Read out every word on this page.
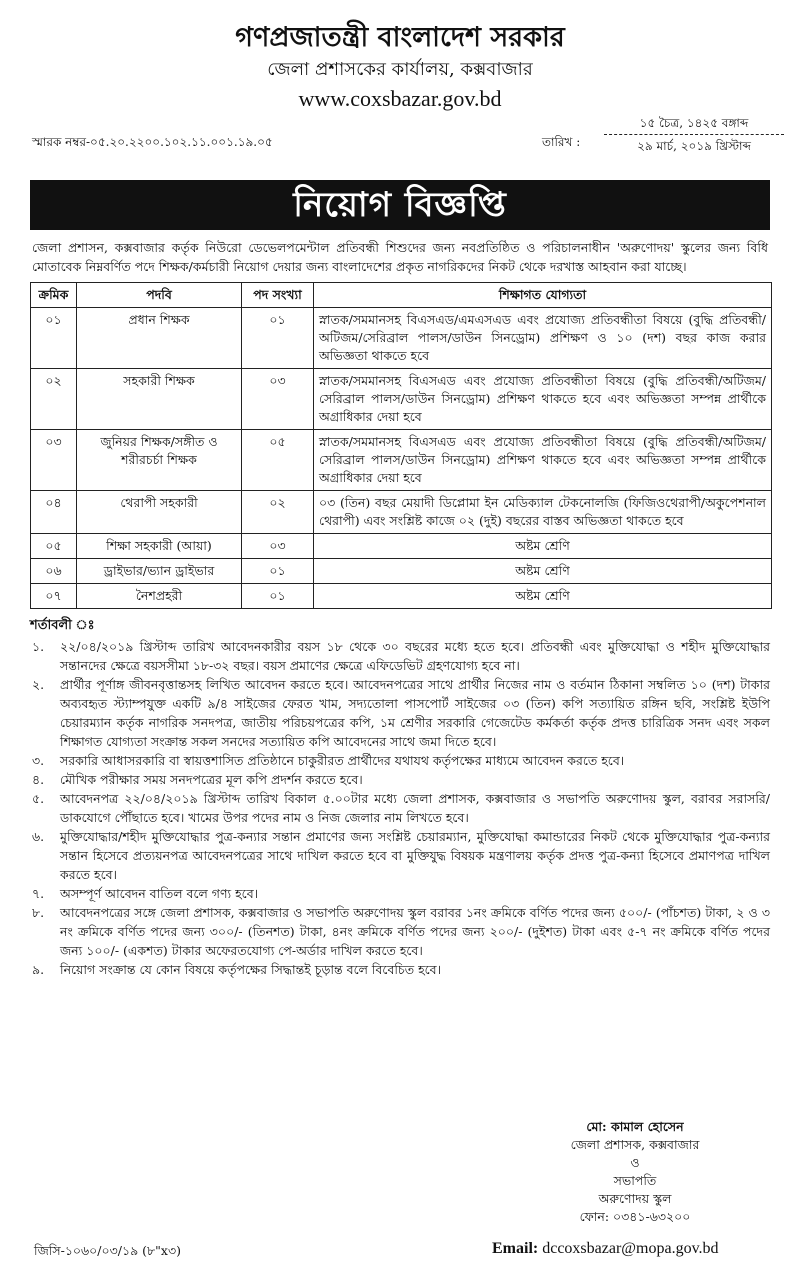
গণপ্রজাতন্ত্রী বাংলাদেশ সরকার
জেলা প্রশাসকের কার্যালয়, কক্সবাজার
www.coxsbazar.gov.bd
স্মারক নম্বর-০৫.২০.২২০০.১০২.১১.০০১.১৯.০৫	তারিখ :
১৫ চৈত্র, ১৪২৫ বঙ্গাব্দ
২৯ মার্চ, ২০১৯ খ্রিস্টাব্দ
নিয়োগ বিজ্ঞপ্তি

জেলা প্রশাসন, কক্সবাজার কর্তৃক নিউরো ডেভেলপমেন্টাল প্রতিবন্ধী শিশুদের জন্য নবপ্রতিষ্ঠিত ও পরিচালনাধীন 'অরুণোদয়' স্কুলের জন্য বিধি মোতাবেক নিম্নবর্ণিত পদে শিক্ষক/কর্মচারী নিয়োগ দেয়ার জন্য বাংলাদেশের প্রকৃত নাগরিকদের নিকট থেকে দরখাস্ত আহবান করা যাচ্ছে।

ক্রমিক	পদবি	পদ সংখ্যা	শিক্ষাগত যোগ্যতা
০১	প্রধান শিক্ষক	০১	স্নাতক/সমমানসহ বিএসএড/এমএসএড এবং প্রযোজ্য প্রতিবন্ধীতা বিষয়ে (বুদ্ধি প্রতিবন্ধী/অটিজম/সেরিব্রাল পালস/ডাউন সিনড্রোম) প্রশিক্ষণ ও ১০ (দশ) বছর কাজ করার অভিজ্ঞতা থাকতে হবে
০২	সহকারী শিক্ষক	০৩	স্নাতক/সমমানসহ বিএসএড এবং প্রযোজ্য প্রতিবন্ধীতা বিষয়ে (বুদ্ধি প্রতিবন্ধী/অটিজম/সেরিব্রাল পালস/ডাউন সিনড্রোম) প্রশিক্ষণ থাকতে হবে এবং অভিজ্ঞতা সম্পন্ন প্রার্থীকে অগ্রাধিকার দেয়া হবে
০৩	জুনিয়র শিক্ষক/সঙ্গীত ও শরীরচর্চা শিক্ষক	০৫	স্নাতক/সমমানসহ বিএসএড এবং প্রযোজ্য প্রতিবন্ধীতা বিষয়ে (বুদ্ধি প্রতিবন্ধী/অটিজম/সেরিব্রাল পালস/ডাউন সিনড্রোম) প্রশিক্ষণ থাকতে হবে এবং অভিজ্ঞতা সম্পন্ন প্রার্থীকে অগ্রাধিকার দেয়া হবে
০৪	থেরাপী সহকারী	০২	০৩ (তিন) বছর মেয়াদী ডিপ্লোমা ইন মেডিক্যাল টেকনোলজি (ফিজিওথেরাপী/অকুপেশনাল থেরাপী) এবং সংশ্লিষ্ট কাজে ০২ (দুই) বছরের বাস্তব অভিজ্ঞতা থাকতে হবে
০৫	শিক্ষা সহকারী (আয়া)	০৩	অষ্টম শ্রেণি
০৬	ড্রাইভার/ভ্যান ড্রাইভার	০১	অষ্টম শ্রেণি
০৭	নৈশপ্রহরী	০১	অষ্টম শ্রেণি
শর্তাবলী ঃ
১.	২২/০৪/২০১৯ খ্রিস্টাব্দ তারিখ আবেদনকারীর বয়স ১৮ থেকে ৩০ বছরের মধ্যে হতে হবে। প্রতিবন্ধী এবং মুক্তিযোদ্ধা ও শহীদ মুক্তিযোদ্ধার সন্তানদের ক্ষেত্রে বয়সসীমা ১৮-৩২ বছর। বয়স প্রমাণের ক্ষেত্রে এফিডেভিট গ্রহণযোগ্য হবে না।
২.	প্রার্থীর পূর্ণাঙ্গ জীবনবৃত্তান্তসহ লিখিত আবেদন করতে হবে। আবেদনপত্রের সাথে প্রার্থীর নিজের নাম ও বর্তমান ঠিকানা সম্বলিত ১০ (দশ) টাকার অব্যবহৃত স্ট্যাম্পযুক্ত একটি ৯/৪ সাইজের ফেরত খাম, সদ্যতোলা পাসপোর্ট সাইজের ০৩ (তিন) কপি সত্যায়িত রঙ্গিন ছবি, সংশ্লিষ্ট ইউপি চেয়ারম্যান কর্তৃক নাগরিক সনদপত্র, জাতীয় পরিচয়পত্রের কপি, ১ম শ্রেণীর সরকারি গেজেটেড কর্মকর্তা কর্তৃক প্রদত্ত চারিত্রিক সনদ এবং সকল শিক্ষাগত যোগ্যতা সংক্রান্ত সকল সনদের সত্যায়িত কপি আবেদনের সাথে জমা দিতে হবে।
৩.	সরকারি আধাসরকারি বা স্বায়ত্তশাসিত প্রতিষ্ঠানে চাকুরীরত প্রার্থীদের যথাযথ কর্তৃপক্ষের মাধ্যমে আবেদন করতে হবে।
৪.	মৌখিক পরীক্ষার সময় সনদপত্রের মূল কপি প্রদর্শন করতে হবে।
৫.	আবেদনপত্র ২২/০৪/২০১৯ খ্রিস্টাব্দ তারিখ বিকাল ৫.০০টার মধ্যে জেলা প্রশাসক, কক্সবাজার ও সভাপতি অরুণোদয় স্কুল, বরাবর সরাসরি/ডাকযোগে পৌঁছাতে হবে। খামের উপর পদের নাম ও নিজ জেলার নাম লিখতে হবে।
৬.	মুক্তিযোদ্ধার/শহীদ মুক্তিযোদ্ধার পুত্র-কন্যার সন্তান প্রমাণের জন্য সংশ্লিষ্ট চেয়ারম্যান, মুক্তিযোদ্ধা কমান্ডারের নিকট থেকে মুক্তিযোদ্ধার পুত্র-কন্যার সন্তান হিসেবে প্রত্যয়নপত্র আবেদনপত্রের সাথে দাখিল করতে হবে বা মুক্তিযুদ্ধ বিষয়ক মন্ত্রণালয় কর্তৃক প্রদত্ত পুত্র-কন্যা হিসেবে প্রমাণপত্র দাখিল করতে হবে।
৭.	অসম্পূর্ণ আবেদন বাতিল বলে গণ্য হবে।
৮.	আবেদনপত্রের সঙ্গে জেলা প্রশাসক, কক্সবাজার ও সভাপতি অরুণোদয় স্কুল বরাবর ১নং ক্রমিকে বর্ণিত পদের জন্য ৫০০/- (পাঁচশত) টাকা, ২ ও ৩ নং ক্রমিকে বর্ণিত পদের জন্য ৩০০/- (তিনশত) টাকা, ৪নং ক্রমিকে বর্ণিত পদের জন্য ২০০/- (দুইশত) টাকা এবং ৫-৭ নং ক্রমিকে বর্ণিত পদের জন্য ১০০/- (একশত) টাকার অফেরতযোগ্য পে-অর্ডার দাখিল করতে হবে।
৯.	নিয়োগ সংক্রান্ত যে কোন বিষয়ে কর্তৃপক্ষের সিদ্ধান্তই চূড়ান্ত বলে বিবেচিত হবে।
মো: কামাল হোসেন
জেলা প্রশাসক, কক্সবাজার
ও
সভাপতি
অরুণোদয় স্কুল
ফোন: ০৩৪১-৬৩২০০
জিসি-১০৬০/০৩/১৯ (৮"x৩)	Email: dccoxsbazar@mopa.gov.bd
